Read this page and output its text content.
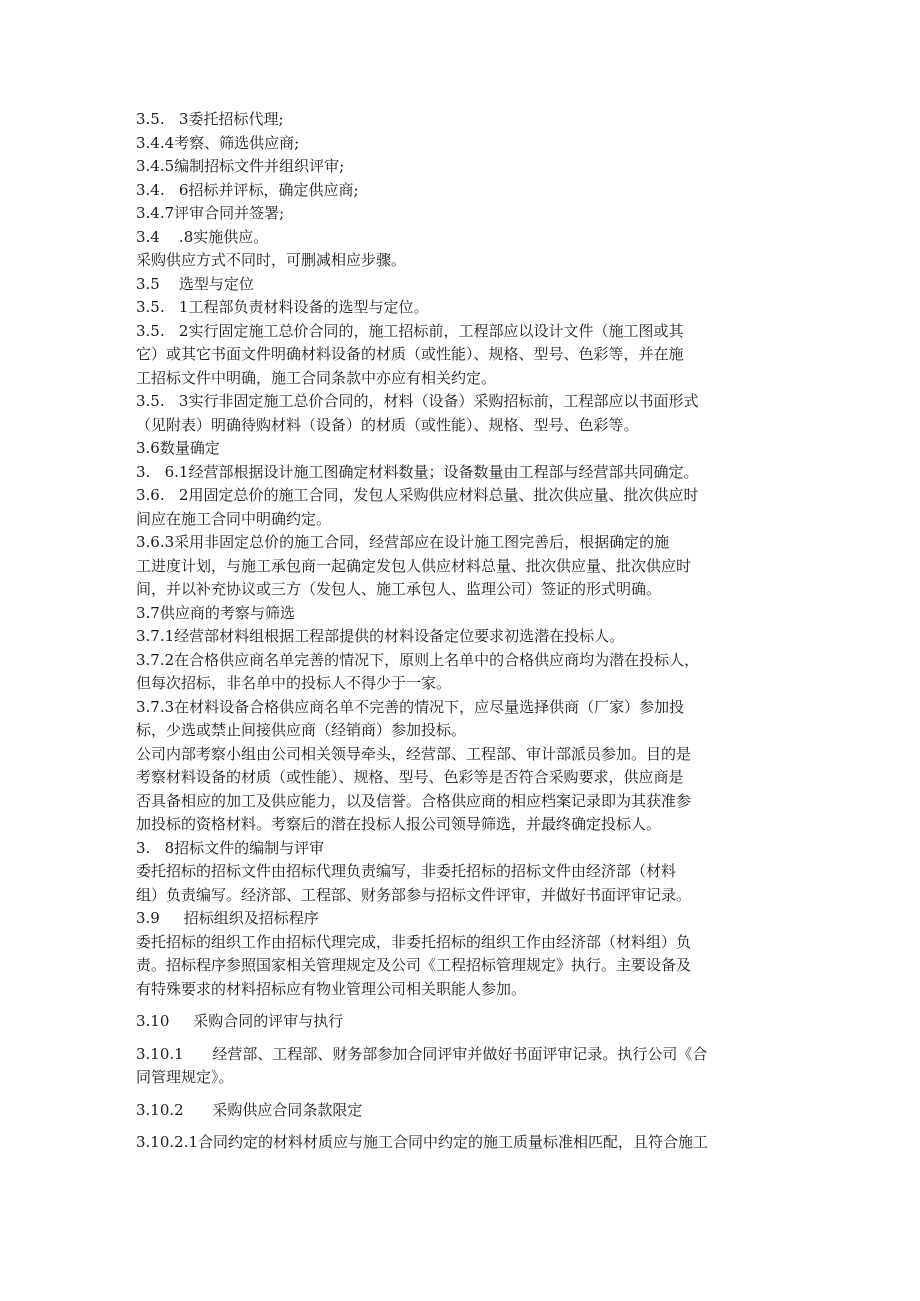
3.5.   3委托招标代理;
3.4.4考察、筛选供应商;
3.4.5编制招标文件并组织评审;
3.4.   6招标并评标，确定供应商;
3.4.7评审合同并签署;
3.4    .8实施供应。
采购供应方式不同时，可删减相应步骤。
3.5    选型与定位
3.5.   1工程部负责材料设备的选型与定位。
3.5.   2实行固定施工总价合同的，施工招标前，工程部应以设计文件（施工图或其
它）或其它书面文件明确材料设备的材质（或性能）、规格、型号、色彩等，并在施
工招标文件中明确，施工合同条款中亦应有相关约定。
3.5.   3实行非固定施工总价合同的，材料（设备）采购招标前，工程部应以书面形式
（见附表）明确待购材料（设备）的材质（或性能）、规格、型号、色彩等。
3.6数量确定
3.   6.1经营部根据设计施工图确定材料数量；设备数量由工程部与经营部共同确定。
3.6.   2用固定总价的施工合同，发包人采购供应材料总量、批次供应量、批次供应时
间应在施工合同中明确约定。
3.6.3采用非固定总价的施工合同，经营部应在设计施工图完善后，根据确定的施
工进度计划，与施工承包商一起确定发包人供应材料总量、批次供应量、批次供应时
间，并以补充协议或三方（发包人、施工承包人、监理公司）签证的形式明确。
3.7供应商的考察与筛选
3.7.1经营部材料组根据工程部提供的材料设备定位要求初选潜在投标人。
3.7.2在合格供应商名单完善的情况下，原则上名单中的合格供应商均为潜在投标人，
但每次招标，非名单中的投标人不得少于一家。
3.7.3在材料设备合格供应商名单不完善的情况下，应尽量选择供商（厂家）参加投
标，少选或禁止间接供应商（经销商）参加投标。
公司内部考察小组由公司相关领导牵头，经营部、工程部、审计部派员参加。目的是
考察材料设备的材质（或性能）、规格、型号、色彩等是否符合采购要求，供应商是
否具备相应的加工及供应能力，以及信誉。合格供应商的相应档案记录即为其获准参
加投标的资格材料。考察后的潜在投标人报公司领导筛选，并最终确定投标人。
3.   8招标文件的编制与评审
委托招标的招标文件由招标代理负责编写，非委托招标的招标文件由经济部（材料
组）负责编写。经济部、工程部、财务部参与招标文件评审，并做好书面评审记录。
3.9     招标组织及招标程序
委托招标的组织工作由招标代理完成，非委托招标的组织工作由经济部（材料组）负
责。招标程序参照国家相关管理规定及公司《工程招标管理规定》执行。主要设备及
有特殊要求的材料招标应有物业管理公司相关职能人参加。
3.10     采购合同的评审与执行
3.10.1      经营部、工程部、财务部参加合同评审并做好书面评审记录。执行公司《合
同管理规定》。
3.10.2      采购供应合同条款限定
3.10.2.1合同约定的材料材质应与施工合同中约定的施工质量标准相匹配，且符合施工
